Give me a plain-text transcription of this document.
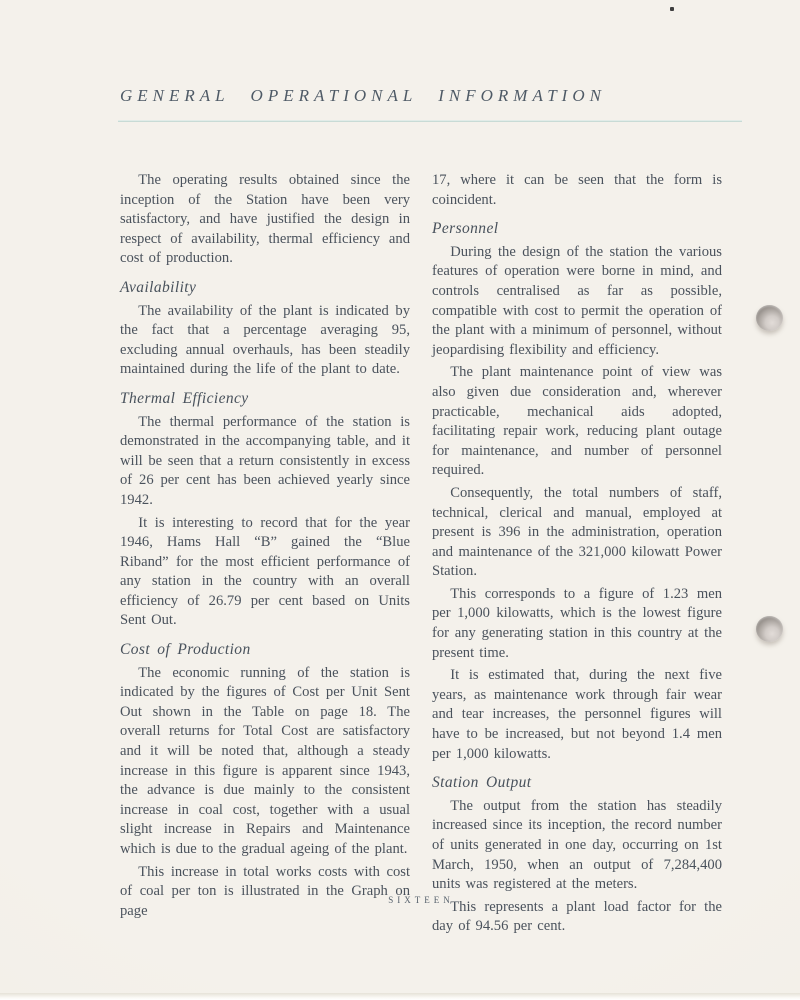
GENERAL OPERATIONAL INFORMATION

The operating results obtained since the inception of the Station have been very satisfactory, and have justified the design in respect of availability, thermal efficiency and cost of production.

Availability

The availability of the plant is indicated by the fact that a percentage averaging 95, excluding annual overhauls, has been steadily maintained during the life of the plant to date.

Thermal Efficiency

The thermal performance of the station is demonstrated in the accompanying table, and it will be seen that a return consistently in excess of 26 per cent has been achieved yearly since 1942.

It is interesting to record that for the year 1946, Hams Hall “B” gained the “Blue Riband” for the most efficient performance of any station in the country with an overall efficiency of 26.79 per cent based on Units Sent Out.

Cost of Production

The economic running of the station is indicated by the figures of Cost per Unit Sent Out shown in the Table on page 18. The overall returns for Total Cost are satisfactory and it will be noted that, although a steady increase in this figure is apparent since 1943, the advance is due mainly to the consistent increase in coal cost, together with a usual slight increase in Repairs and Maintenance which is due to the gradual ageing of the plant.

This increase in total works costs with cost of coal per ton is illustrated in the Graph on page

17, where it can be seen that the form is coincident.

Personnel

During the design of the station the various features of operation were borne in mind, and controls centralised as far as possible, compatible with cost to permit the operation of the plant with a minimum of personnel, without jeopardising flexibility and efficiency.

The plant maintenance point of view was also given due consideration and, wherever practicable, mechanical aids adopted, facilitating repair work, reducing plant outage for maintenance, and number of personnel required.

Consequently, the total numbers of staff, technical, clerical and manual, employed at present is 396 in the administration, operation and maintenance of the 321,000 kilowatt Power Station.

This corresponds to a figure of 1.23 men per 1,000 kilowatts, which is the lowest figure for any generating station in this country at the present time.

It is estimated that, during the next five years, as maintenance work through fair wear and tear increases, the personnel figures will have to be increased, but not beyond 1.4 men per 1,000 kilowatts.

Station Output

The output from the station has steadily increased since its inception, the record number of units generated in one day, occurring on 1st March, 1950, when an output of 7,284,400 units was registered at the meters.

This represents a plant load factor for the day of 94.56 per cent.

SIXTEEN
